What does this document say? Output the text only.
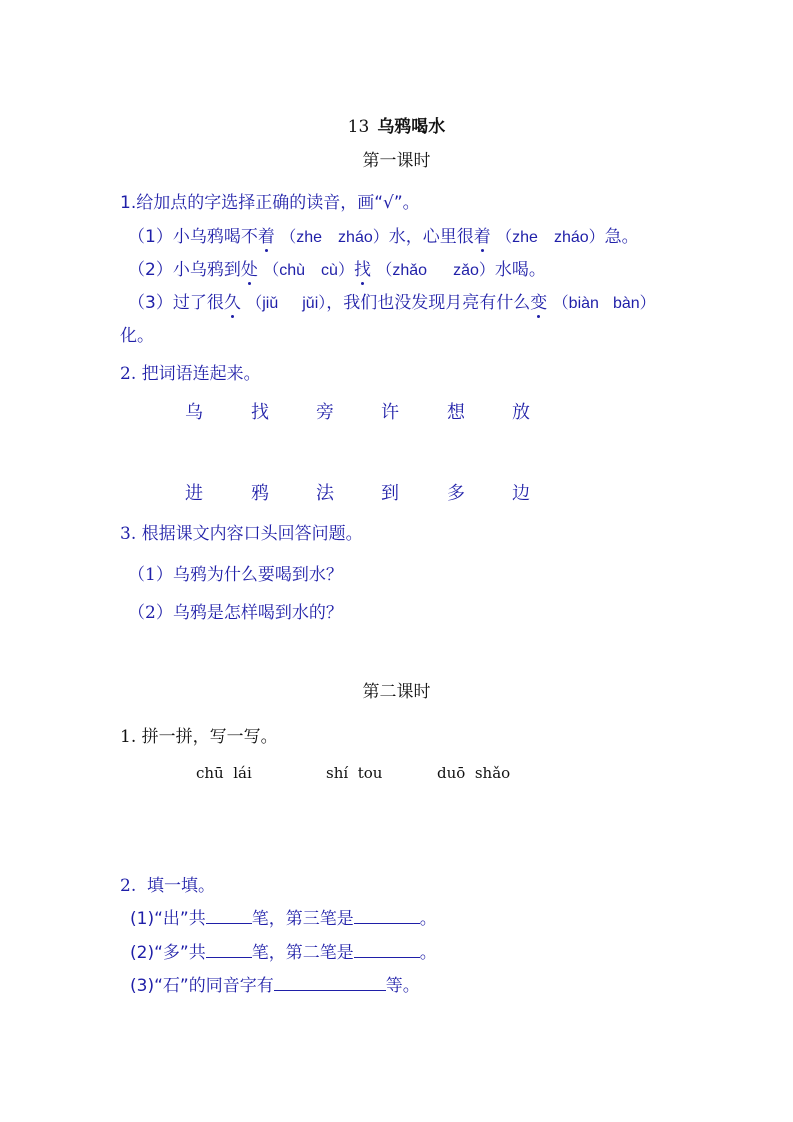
13 乌鸦喝水
第一课时
1.给加点的字选择正确的读音，画“√”。
（1）小乌鸦喝不着 （zhe zháo）水，心里很着 （zhe zháo）急。
（2）小乌鸦到处 （chù cù）找 （zhǎo zǎo）水喝。
（3）过了很久 （jiǔ jǔi），我们也没发现月亮有什么变 （biàn bàn）
化。
2. 把词语连起来。
乌	找	旁	许	想	放
进	鸦	法	到	多	边
3. 根据课文内容口头回答问题。
（1）乌鸦为什么要喝到水？
（2）乌鸦是怎样喝到水的？
第二课时
1. 拼一拼，写一写。
chū  lái	shí  tou	duō  shǎo
2.  填一填。
(1)“出”共	笔，第三笔是	。
(2)“多”共	笔，第二笔是	。
(3)“石”的同音字有	等。
